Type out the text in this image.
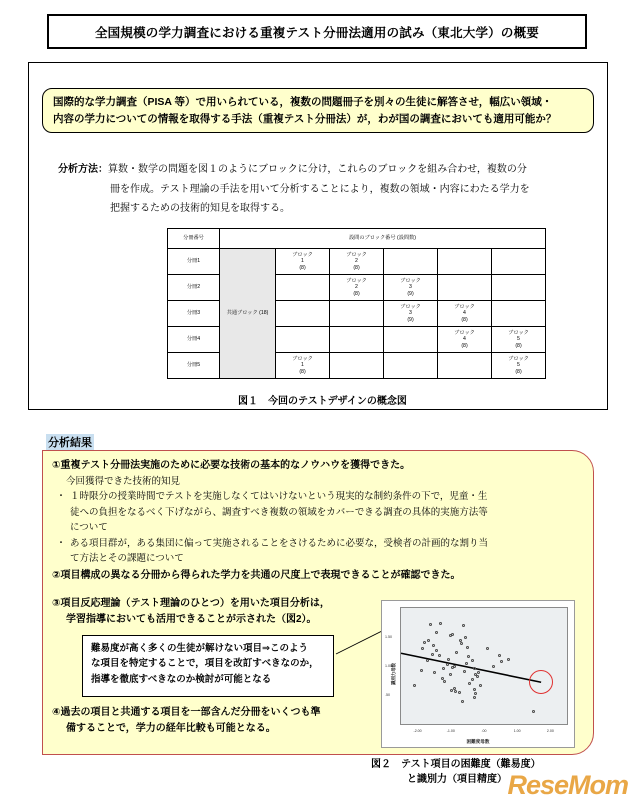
全国規模の学力調査における重複テスト分冊法適用の試み（東北大学）の概要
国際的な学力調査（PISA 等）で用いられている，複数の問題冊子を別々の生徒に解答させ，幅広い領域・
内容の学力についての情報を取得する手法（重複テスト分冊法）が，わが国の調査においても適用可能か？
分析方法： 算数・数学の問題を図１のようにブロックに分け，これらのブロックを組み合わせ，複数の分
冊を作成。テスト理論の手法を用いて分析することにより，複数の領域・内容にわたる学力を
把握するための技術的知見を取得する。
分冊番号	設問のブロック番号 (設問数)					
分冊1	共通ブロック (18)	ブロック
1
(8)	ブロック
2
(8)			

分冊2			ブロック
2
(8)	ブロック
3
(9)		

分冊3				ブロック
3
(9)	ブロック
4
(8)	

分冊4					ブロック
4
(8)	ブロック
5
(8)

分冊5		ブロック
1
(8)				ブロック
5
(8)
図１　今回のテストデザインの概念図
分析結果
①重複テスト分冊法実施のために必要な技術の基本的なノウハウを獲得できた。
今回獲得できた技術的知見
・ １時限分の授業時間でテストを実施しなくてはいけないという現実的な制約条件の下で，児童・生
徒への負担をなるべく下げながら、調査すべき複数の領域をカバーできる調査の具体的実施方法等
について
・ ある項目群が，ある集団に偏って実施されることをさけるために必要な，受検者の計画的な割り当
て方法とその課題について
②項目構成の異なる分冊から得られた学力を共通の尺度上で表現できることが確認できた。
③項目反応理論（テスト理論のひとつ）を用いた項目分析は，
学習指導においても活用できることが示された（図2）。
難易度が高く多くの生徒が解けない項目⇒このよう
な項目を特定することで，項目を改訂すべきなのか，
指導を徹底すべきなのか検討が可能となる
④過去の項目と共通する項目を一部含んだ分冊をいくつも準
備することで，学力の経年比較も可能となる。
識別力母数
1.50
1.00
.50
-2.00	-1.00	.00	1.00	2.00
困難度母数
図２　テスト項目の困難度（難易度）
と識別力（項目精度） ReseMom
